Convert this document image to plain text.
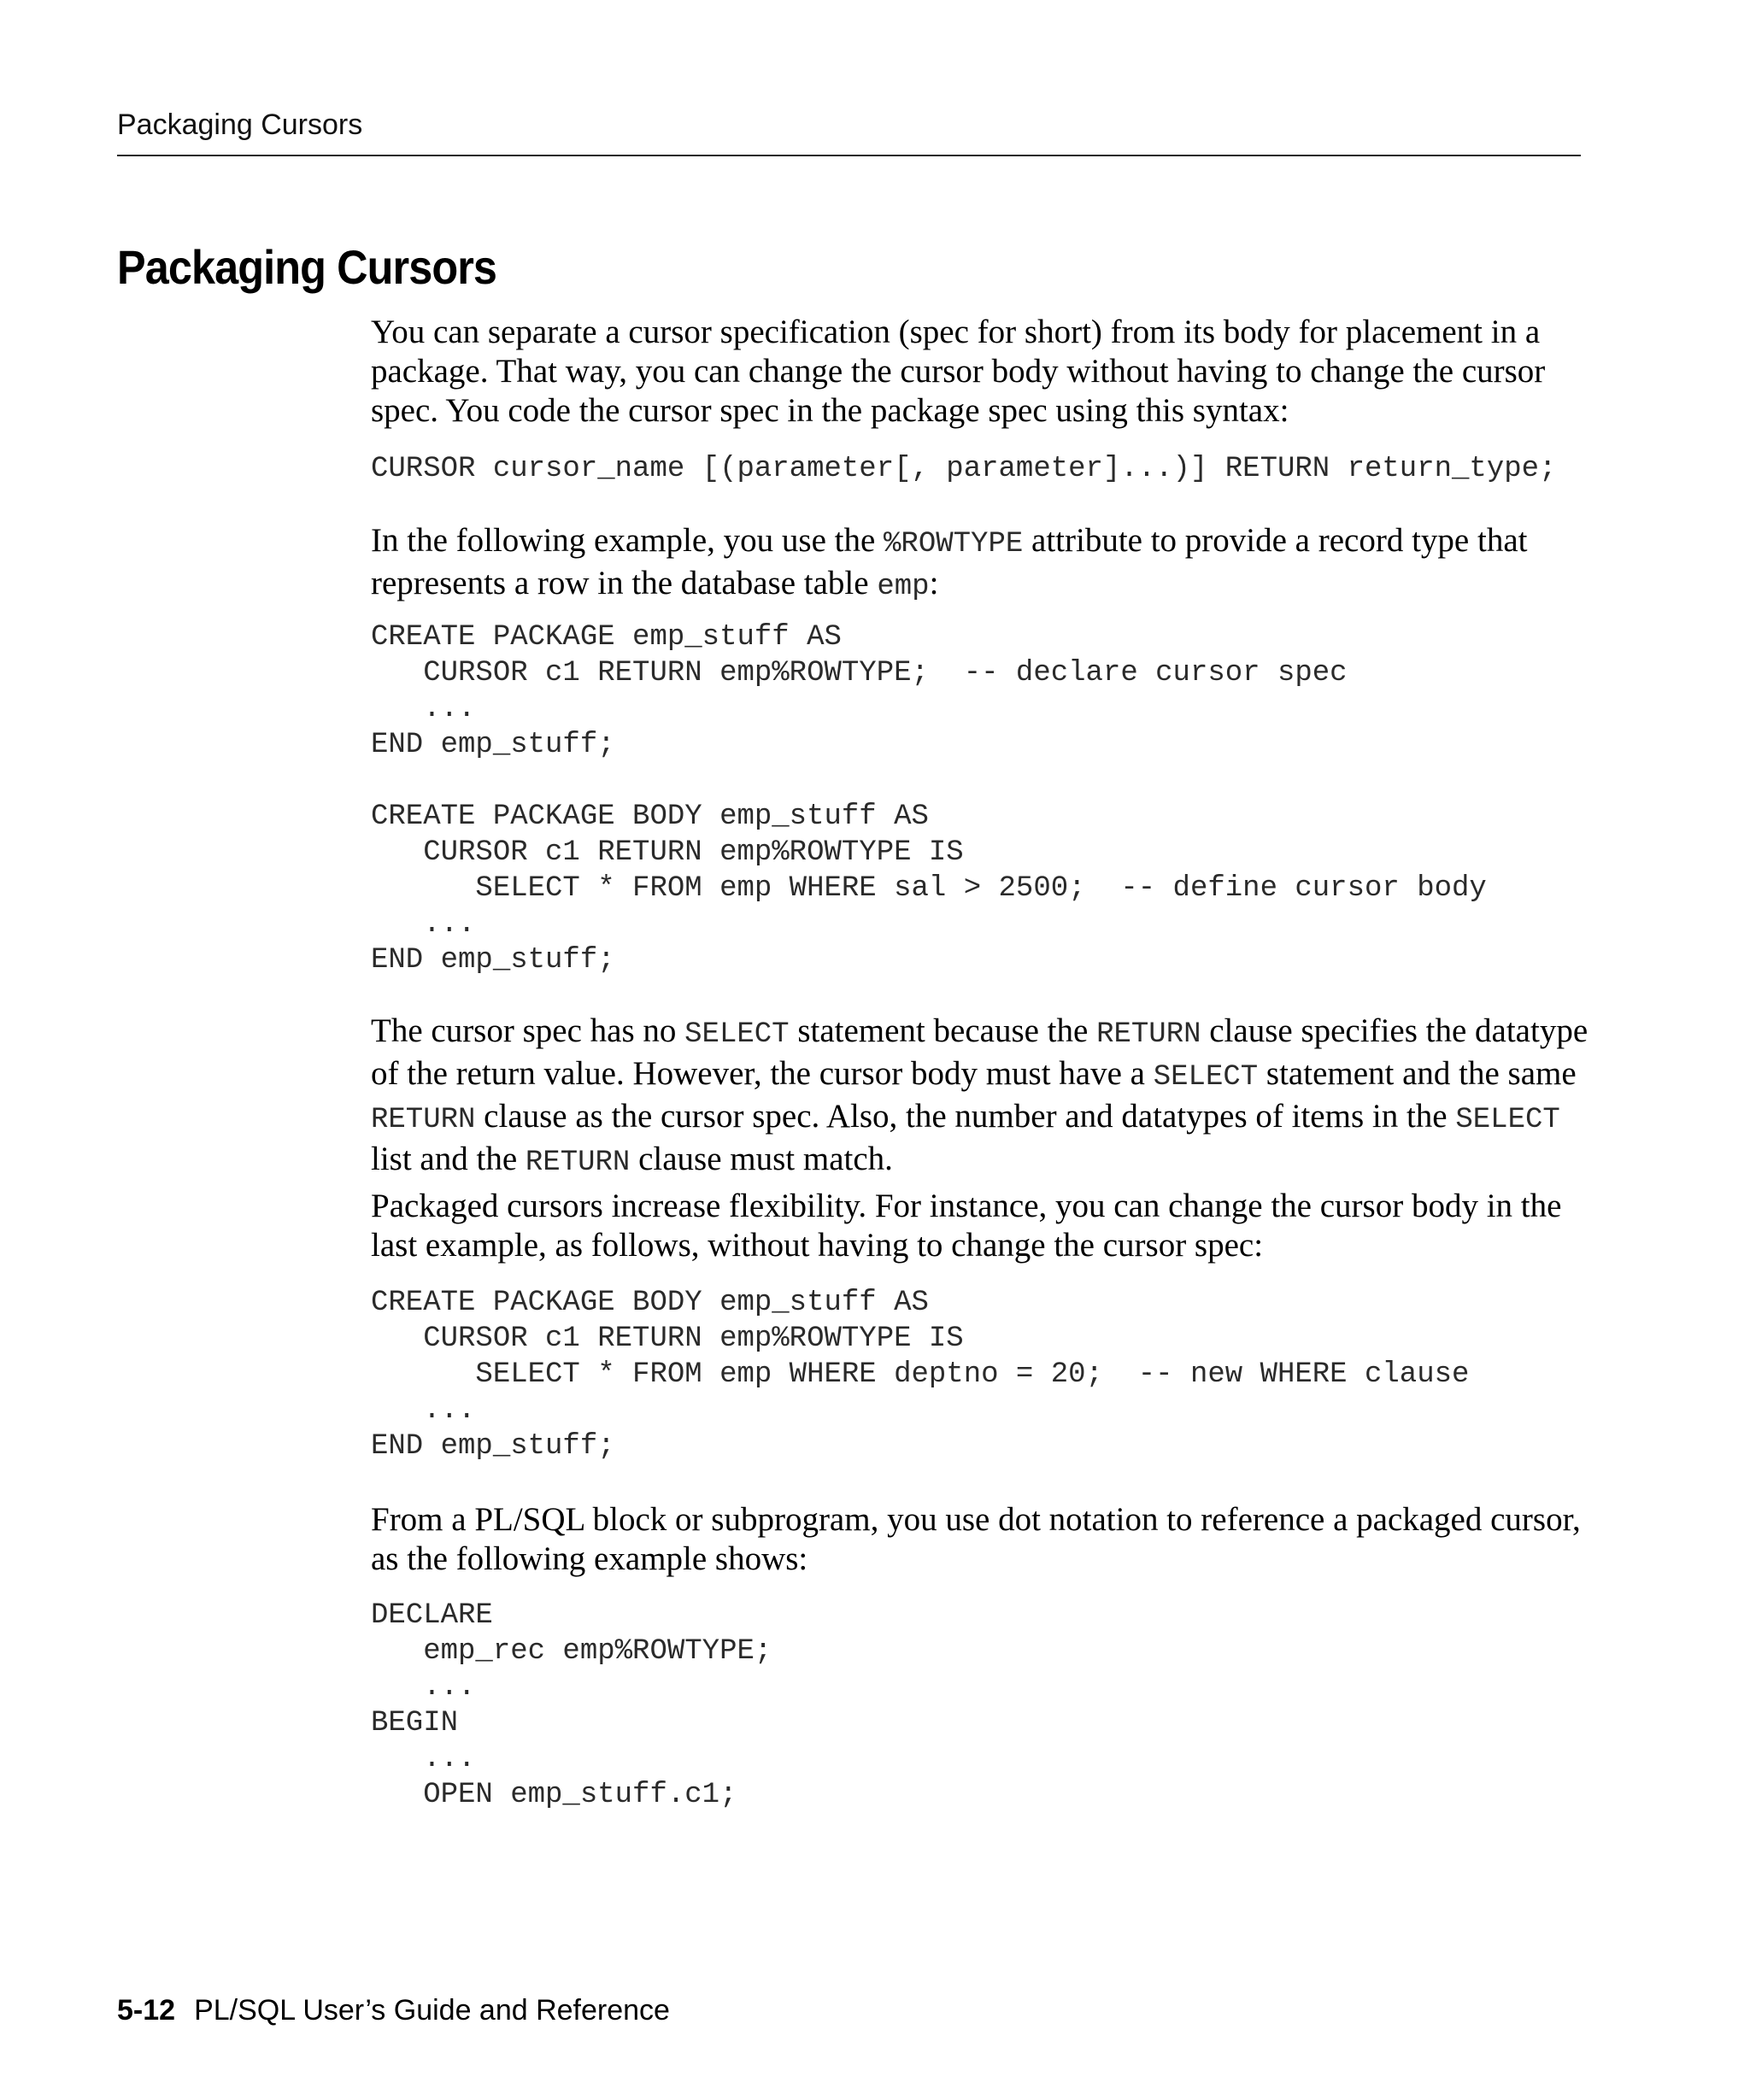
Packaging Cursors
Packaging Cursors

You can separate a cursor specification (spec for short) from its body for placement in a package. That way, you can change the cursor body without having to change the cursor spec. You code the cursor spec in the package spec using this syntax:

CURSOR cursor_name [(parameter[, parameter]...)] RETURN return_type;

In the following example, you use the %ROWTYPE attribute to provide a record type that represents a row in the database table emp:

CREATE PACKAGE emp_stuff AS
CURSOR c1 RETURN emp%ROWTYPE;  -- declare cursor spec
...
END emp_stuff;

CREATE PACKAGE BODY emp_stuff AS
CURSOR c1 RETURN emp%ROWTYPE IS
SELECT * FROM emp WHERE sal > 2500;  -- define cursor body
...
END emp_stuff;

The cursor spec has no SELECT statement because the RETURN clause specifies the datatype of the return value. However, the cursor body must have a SELECT statement and the same RETURN clause as the cursor spec. Also, the number and datatypes of items in the SELECT list and the RETURN clause must match.

Packaged cursors increase flexibility. For instance, you can change the cursor body in the last example, as follows, without having to change the cursor spec:

CREATE PACKAGE BODY emp_stuff AS
CURSOR c1 RETURN emp%ROWTYPE IS
SELECT * FROM emp WHERE deptno = 20;  -- new WHERE clause
...
END emp_stuff;

From a PL/SQL block or subprogram, you use dot notation to reference a packaged cursor, as the following example shows:

DECLARE
emp_rec emp%ROWTYPE;
...
BEGIN
...
OPEN emp_stuff.c1;
5-12 PL/SQL User’s Guide and Reference
